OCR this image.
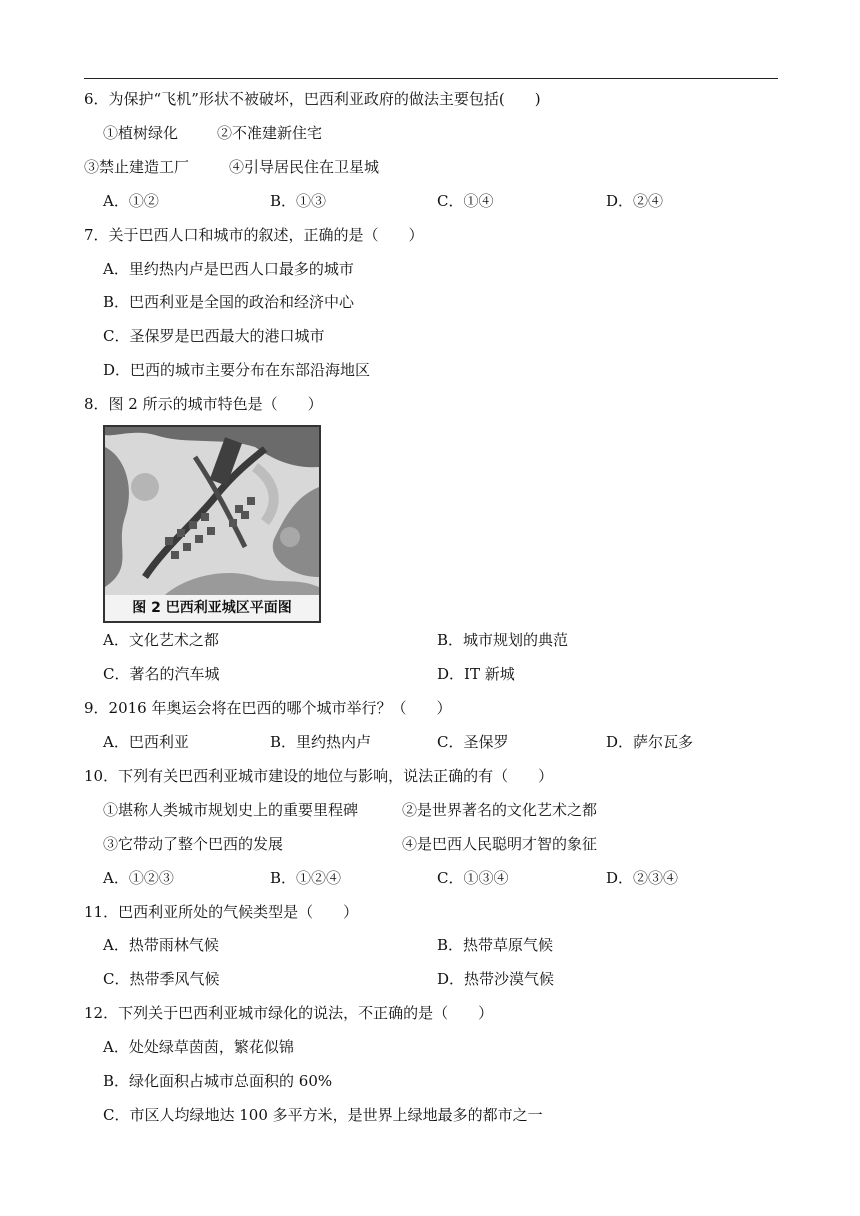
6．为保护“飞机”形状不被破坏，巴西利亚政府的做法主要包括(　　)
①植树绿化	②不准建新住宅
③禁止建造工厂	④引导居民住在卫星城
A．①②	B．①③	C．①④	D．②④
7．关于巴西人口和城市的叙述，正确的是（　　）
A．里约热内卢是巴西人口最多的城市
B．巴西利亚是全国的政治和经济中心
C．圣保罗是巴西最大的港口城市
D．巴西的城市主要分布在东部沿海地区
8．图 2 所示的城市特色是（　　）
图 2 巴西利亚城区平面图
A．文化艺术之都	B．城市规划的典范
C．著名的汽车城	D．IT 新城
9．2016 年奥运会将在巴西的哪个城市举行？（　　）
A．巴西利亚	B．里约热内卢	C．圣保罗	D．萨尔瓦多
10．下列有关巴西利亚城市建设的地位与影响，说法正确的有（　　）
①堪称人类城市规划史上的重要里程碑	②是世界著名的文化艺术之都
③它带动了整个巴西的发展	④是巴西人民聪明才智的象征
A．①②③	B．①②④	C．①③④	D．②③④
11．巴西利亚所处的气候类型是（　　）
A．热带雨林气候	B．热带草原气候
C．热带季风气候	D．热带沙漠气候
12．下列关于巴西利亚城市绿化的说法，不正确的是（　　）
A．处处绿草茵茵，繁花似锦
B．绿化面积占城市总面积的 60%
C．市区人均绿地达 100 多平方米，是世界上绿地最多的都市之一
